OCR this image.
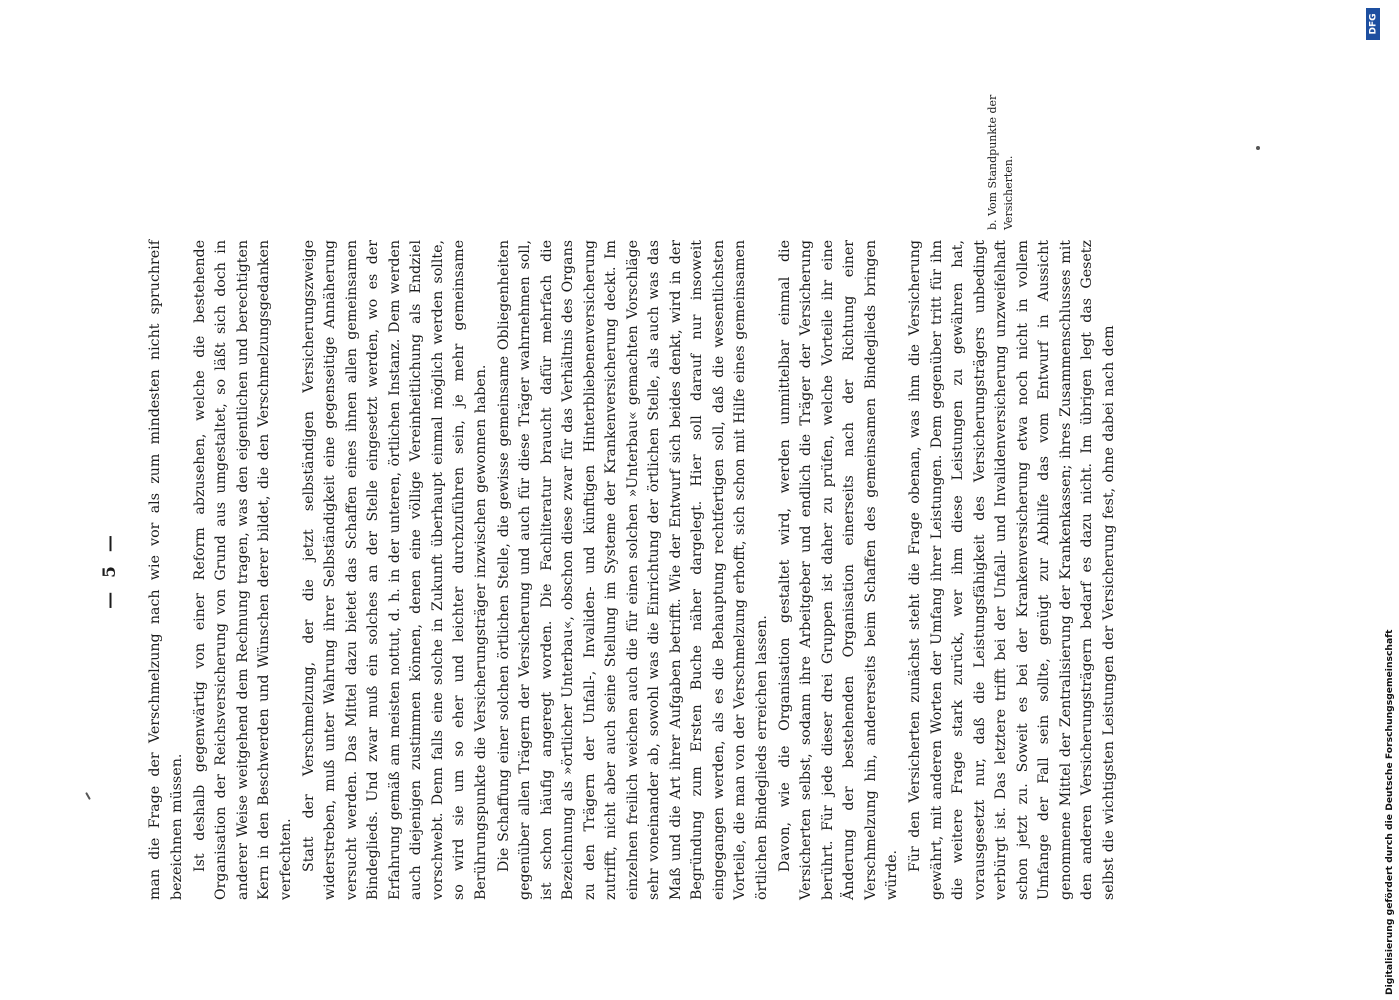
— 5 — man die Frage der Verschmelzung nach wie vor als zum mindesten nicht spruchreif bezeichnen müssen. Ist deshalb gegenwärtig von einer Reform abzusehen, welche die bestehende Organisation der Reichsversicherung von Grund aus umgestaltet, so läßt sich doch in anderer Weise weitgehend dem Rechnung tragen, was den eigentlichen und berechtigten Kern in den Beschwerden und Wünschen derer bildet, die den Verschmelzungsgedanken verfechten. Statt der Verschmelzung, der die jetzt selbständigen Versicherungszweige widerstreben, muß unter Wahrung ihrer Selbständigkeit eine gegenseitige Annäherung versucht werden. Das Mittel dazu bietet das Schaffen eines ihnen allen gemeinsamen Bindeglieds. Und zwar muß ein solches an der Stelle eingesetzt werden, wo es der Erfahrung gemäß am meisten nottut, d. h. in der unteren, örtlichen Instanz. Dem werden auch diejenigen zustimmen können, denen eine völlige Vereinheitlichung als Endziel vorschwebt. Denn falls eine solche in Zukunft überhaupt einmal möglich werden sollte, so wird sie um so eher und leichter durchzuführen sein, je mehr gemeinsame Berührungspunkte die Versicherungsträger inzwischen gewonnen haben. Die Schaffung einer solchen örtlichen Stelle, die gewisse gemeinsame Obliegenheiten gegenüber allen Trägern der Versicherung und auch für diese Träger wahrnehmen soll, ist schon häufig angeregt worden. Die Fachliteratur braucht dafür mehrfach die Bezeichnung als »örtlicher Unterbau«, obschon diese zwar für das Verhältnis des Organs zu den Trägern der Unfall-, Invaliden- und künftigen Hinterbliebenenversicherung zutrifft, nicht aber auch seine Stellung im Systeme der Krankenversicherung deckt. Im einzelnen freilich weichen auch die für einen solchen »Unterbau« gemachten Vorschläge sehr voneinander ab, sowohl was die Einrichtung der örtlichen Stelle, als auch was das Maß und die Art ihrer Aufgaben betrifft. Wie der Entwurf sich beides denkt, wird in der Begründung zum Ersten Buche näher dargelegt. Hier soll darauf nur insoweit eingegangen werden, als es die Behauptung rechtfertigen soll, daß die wesentlichsten Vorteile, die man von der Verschmelzung erhofft, sich schon mit Hilfe eines gemeinsamen örtlichen Bindeglieds erreichen lassen. Davon, wie die Organisation gestaltet wird, werden unmittelbar einmal die Versicherten selbst, sodann ihre Arbeitgeber und endlich die Träger der Versicherung berührt. Für jede dieser drei Gruppen ist daher zu prüfen, welche Vorteile ihr eine Änderung der bestehenden Organisation einerseits nach der Richtung einer Verschmelzung hin, andererseits beim Schaffen des gemeinsamen Bindeglieds bringen würde.

Für den Versicherten zunächst steht die Frage obenan, was ihm die Versicherung gewährt, mit anderen Worten der Umfang ihrer Leistungen. Dem gegenüber tritt für ihn die weitere Frage stark zurück, wer ihm diese Leistungen zu gewähren hat, vorausgesetzt nur, daß die Leistungsfähigkeit des Versicherungsträgers unbedingt verbürgt ist. Das letztere trifft bei der Unfall- und Invalidenversicherung unzweifelhaft schon jetzt zu. Soweit es bei der Krankenversicherung etwa noch nicht in vollem Umfange der Fall sein sollte, genügt zur Abhilfe das vom Entwurf in Aussicht genommene Mittel der Zentralisierung der Krankenkassen; ihres Zusammenschlusses mit den anderen Versicherungsträgern bedarf es dazu nicht. Im übrigen legt das Gesetz selbst die wichtigsten Leistungen der Versicherung fest, ohne dabei nach dem

b. Vom Standpunkte der Versicherten.
DFG
Digitalisierung gefördert durch die Deutsche Forschungsgemeinschaft
